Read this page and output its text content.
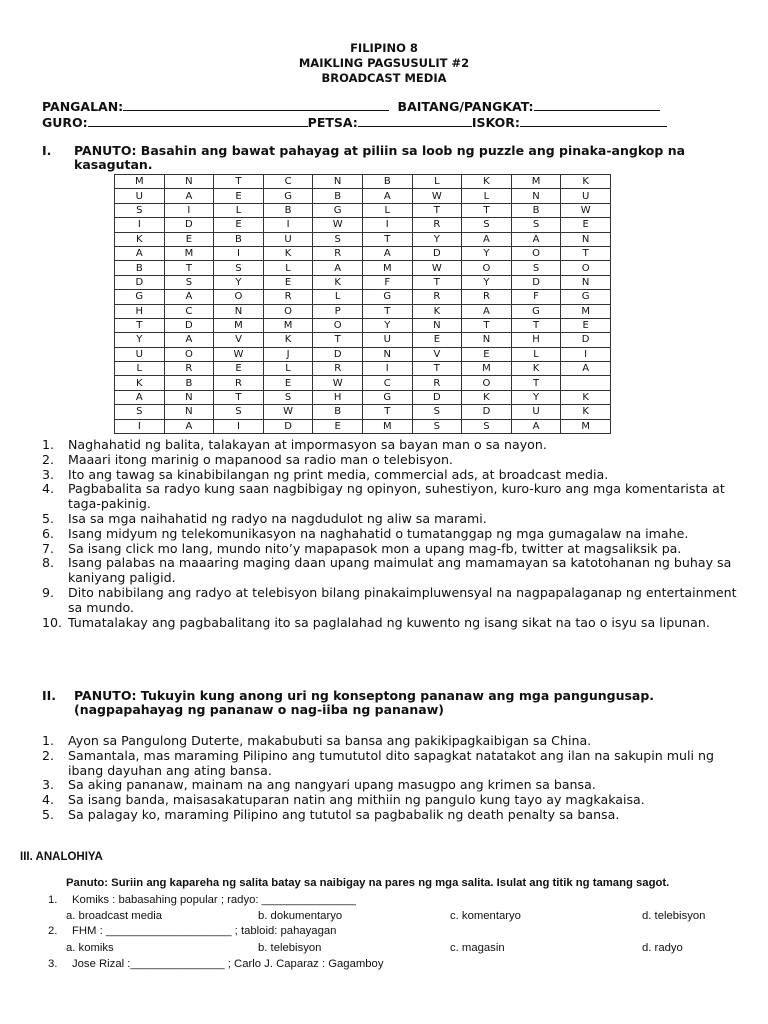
FILIPINO 8
MAIKLING PAGSUSULIT #2
BROADCAST MEDIA
PANGALAN:	BAITANG/PANGKAT:
GURO:	PETSA:	ISKOR:
I. PANUTO: Basahin ang bawat pahayag at piliin sa loob ng puzzle ang pinaka-angkop na kasagutan.
M	N	T	C	N	B	L	K	M	K
U	A	E	G	B	A	W	L	N	U
S	I	L	B	G	L	T	T	B	W
I	D	E	I	W	I	R	S	S	E
K	E	B	U	S	T	Y	A	A	N
A	M	I	K	R	A	D	Y	O	T
B	T	S	L	A	M	W	O	S	O
D	S	Y	E	K	F	T	Y	D	N
G	A	O	R	L	G	R	R	F	G
H	C	N	O	P	T	K	A	G	M
T	D	M	M	O	Y	N	T	T	E
Y	A	V	K	T	U	E	N	H	D
U	O	W	J	D	N	V	E	L	I
L	R	E	L	R	I	T	M	K	A
K	B	R	E	W	C	R	O	T	
A	N	T	S	H	G	D	K	Y	K
S	N	S	W	B	T	S	D	U	K
I	A	I	D	E	M	S	S	A	M
1. Naghahatid ng balita, talakayan at impormasyon sa bayan man o sa nayon.
2. Maaari itong marinig o mapanood sa radio man o telebisyon.
3. Ito ang tawag sa kinabibilangan ng print media, commercial ads, at broadcast media.
4. Pagbabalita sa radyo kung saan nagbibigay ng opinyon, suhestiyon, kuro-kuro ang mga komentarista at taga-pakinig.
5. Isa sa mga naihahatid ng radyo na nagdudulot ng aliw sa marami.
6. Isang midyum ng telekomunikasyon na naghahatid o tumatanggap ng mga gumagalaw na imahe.
7. Sa isang click mo lang, mundo nito’y mapapasok mon a upang mag-fb, twitter at magsaliksik pa.
8. Isang palabas na maaaring maging daan upang maimulat ang mamamayan sa katotohanan ng buhay sa kaniyang paligid.
9. Dito nabibilang ang radyo at telebisyon bilang pinakaimpluwensyal na nagpapalaganap ng entertainment sa mundo.
10. Tumatalakay ang pagbabalitang ito sa paglalahad ng kuwento ng isang sikat na tao o isyu sa lipunan.
II. PANUTO: Tukuyin kung anong uri ng konseptong pananaw ang mga pangungusap. (nagpapahayag ng pananaw o nag-iiba ng pananaw)
1. Ayon sa Pangulong Duterte, makabubuti sa bansa ang pakikipagkaibigan sa China.
2. Samantala, mas maraming Pilipino ang tumututol dito sapagkat natatakot ang ilan na sakupin muli ng ibang dayuhan ang ating bansa.
3. Sa aking pananaw, mainam na ang nangyari upang masugpo ang krimen sa bansa.
4. Sa isang banda, maisasakatuparan natin ang mithiin ng pangulo kung tayo ay magkakaisa.
5. Sa palagay ko, maraming Pilipino ang tututol sa pagbabalik ng death penalty sa bansa.
III. ANALOHIYA
Panuto: Suriin ang kapareha ng salita batay sa naibigay na pares ng mga salita. Isulat ang titik ng tamang sagot.
1. Komiks : babasahing popular ; radyo: _______________
a. broadcast media	b. dokumentaryo	c. komentaryo	d. telebisyon
2. FHM : ____________________ ; tabloid: pahayagan
a. komiks	b. telebisyon	c. magasin	d. radyo
3. Jose Rizal :_______________ ; Carlo J. Caparaz : Gagamboy
